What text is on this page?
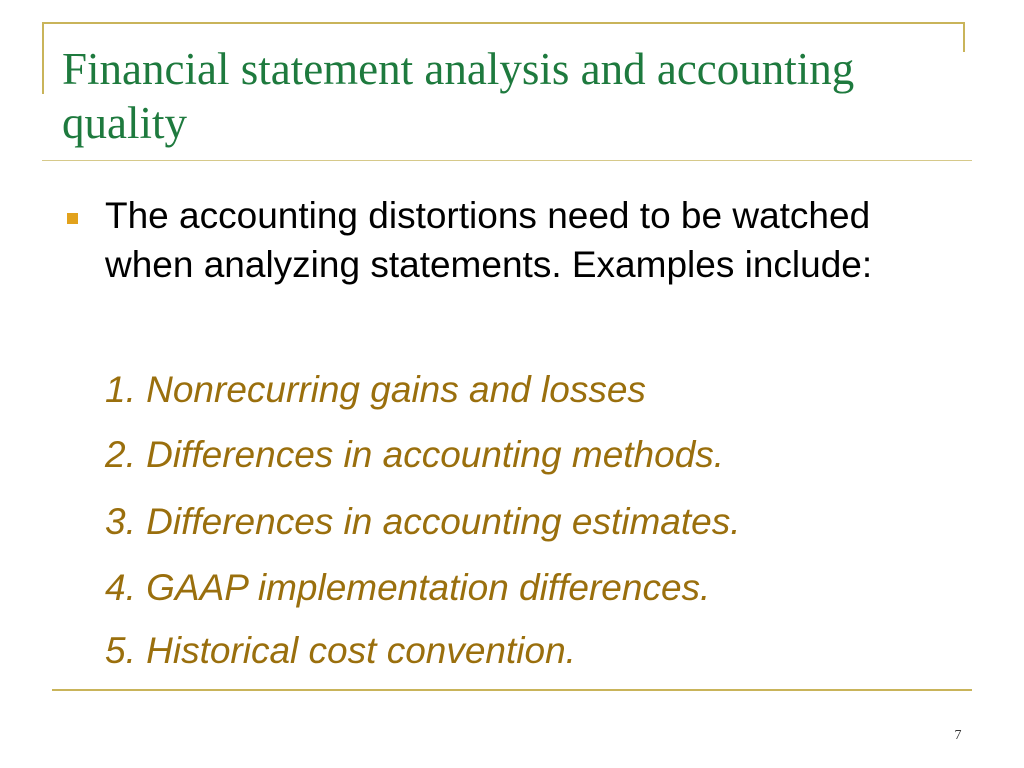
Financial statement analysis and accounting quality

The accounting distortions need to be watched when analyzing statements. Examples include:

1. Nonrecurring gains and losses

2. Differences in accounting methods.

3. Differences in accounting estimates.

4. GAAP implementation differences.

5. Historical cost convention.

7
